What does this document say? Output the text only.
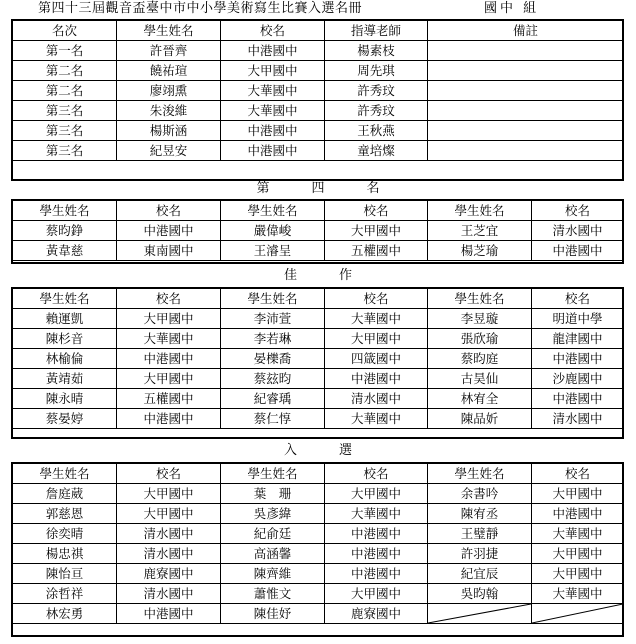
第四十三屆觀音盃臺中市中小學美術寫生比賽入選名冊	國中 組
名次	學生姓名	校名	指導老師	備註
第一名	許晉齊	中港國中	楊素枝	
第二名	饒祐瑄	大甲國中	周先琪	
第二名	廖翊熏	大華國中	許秀玟	
第三名	朱浚維	大華國中	許秀玟	
第三名	楊斯涵	中港國中	王秋燕	
第三名	紀昱安	中港國中	童培燦	
第四名
學生姓名	校名	學生姓名	校名	學生姓名	校名
蔡昀錚	中港國中	嚴偉峻	大甲國中	王芝宜	清水國中
黃韋慈	東南國中	王濬呈	五權國中	楊芝瑜	中港國中
佳作
學生姓名	校名	學生姓名	校名	學生姓名	校名
賴運凱	大甲國中	李沛萱	大華國中	李昱璇	明道中學
陳杉音	大華國中	李若琳	大甲國中	張欣瑜	龍津國中
林榆倫	中港國中	晏櫟喬	四箴國中	蔡昀庭	中港國中
黃靖茹	大甲國中	蔡玆昀	中港國中	古昊仙	沙鹿國中
陳永晴	五權國中	紀睿瑀	清水國中	林宥全	中港國中
蔡晏婷	中港國中	蔡仁惇	大華國中	陳品妡	清水國中
入選
學生姓名	校名	學生姓名	校名	學生姓名	校名
詹庭葳	大甲國中	葉　珊	大甲國中	余書吟	大甲國中
郭慈恩	大甲國中	吳彥緯	大華國中	陳宥丞	中港國中
徐奕晴	清水國中	紀俞廷	中港國中	王璧靜	大華國中
楊忠祺	清水國中	高涵馨	中港國中	許羽捷	大甲國中
陳怡亘	鹿寮國中	陳齊維	中港國中	紀宜辰	大甲國中
涂哲祥	清水國中	蕭惟文	大甲國中	吳昀翰	大華國中
林宏勇	中港國中	陳佳妤	鹿寮國中	
